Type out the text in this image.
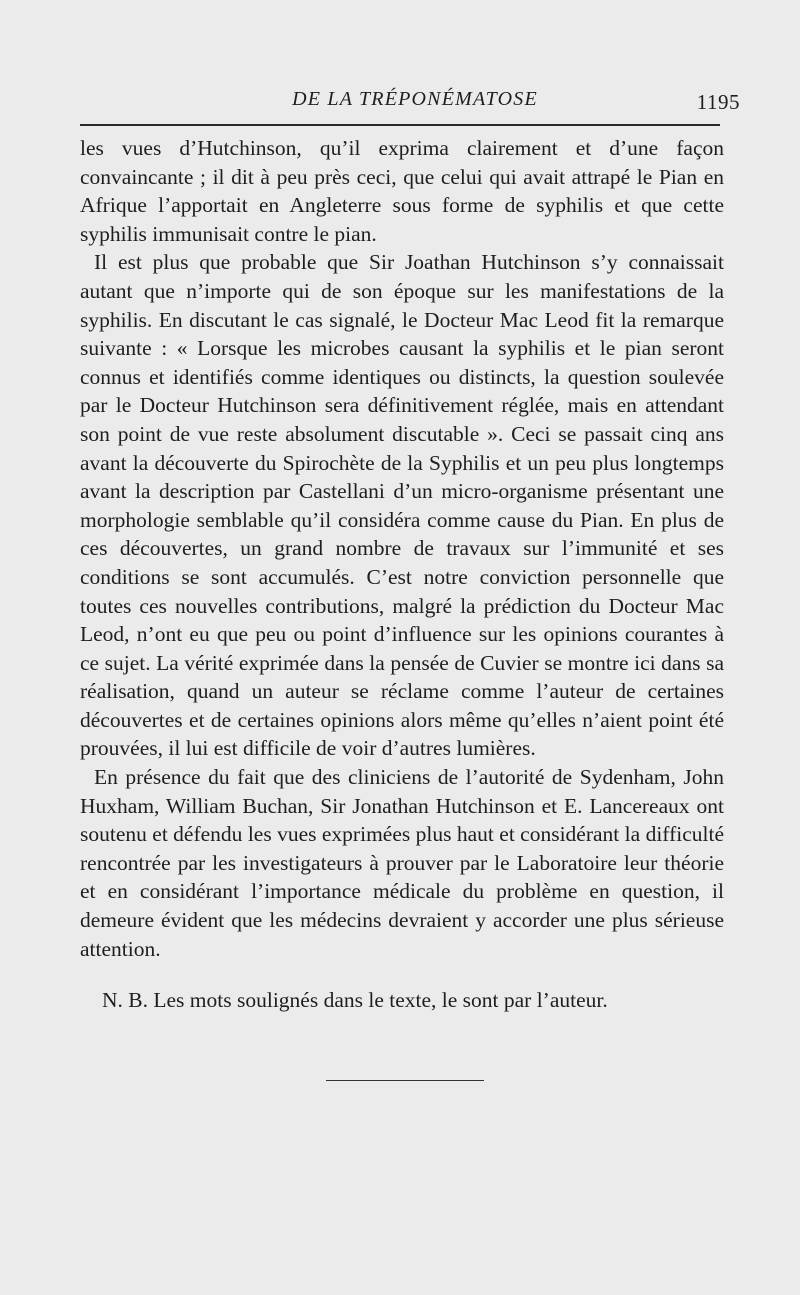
DE LA TRÉPONÉMATOSE	1195

les vues d’Hutchinson, qu’il exprima clairement et d’une façon convaincante ; il dit à peu près ceci, que celui qui avait attrapé le Pian en Afrique l’apportait en Angleterre sous forme de syphilis et que cette syphilis immunisait contre le pian.

Il est plus que probable que Sir Joathan Hutchinson s’y connaissait autant que n’importe qui de son époque sur les manifestations de la syphilis. En discutant le cas signalé, le Docteur Mac Leod fit la remarque suivante : « Lorsque les microbes causant la syphilis et le pian seront connus et identifiés comme identiques ou distincts, la question soulevée par le Docteur Hutchinson sera définitivement réglée, mais en attendant son point de vue reste absolument discutable ». Ceci se passait cinq ans avant la découverte du Spirochète de la Syphilis et un peu plus longtemps avant la description par Castellani d’un micro-organisme présentant une morphologie semblable qu’il considéra comme cause du Pian. En plus de ces découvertes, un grand nombre de travaux sur l’immunité et ses conditions se sont accumulés. C’est notre conviction personnelle que toutes ces nouvelles contributions, malgré la prédiction du Docteur Mac Leod, n’ont eu que peu ou point d’influence sur les opinions courantes à ce sujet. La vérité exprimée dans la pensée de Cuvier se montre ici dans sa réalisation, quand un auteur se réclame comme l’auteur de certaines découvertes et de certaines opinions alors même qu’elles n’aient point été prouvées, il lui est difficile de voir d’autres lumières.

En présence du fait que des cliniciens de l’autorité de Sydenham, John Huxham, William Buchan, Sir Jonathan Hutchinson et E. Lancereaux ont soutenu et défendu les vues exprimées plus haut et considérant la difficulté rencontrée par les investigateurs à prouver par le Laboratoire leur théorie et en considérant l’importance médicale du problème en question, il demeure évident que les médecins devraient y accorder une plus sérieuse attention.

N. B. Les mots soulignés dans le texte, le sont par l’auteur.
